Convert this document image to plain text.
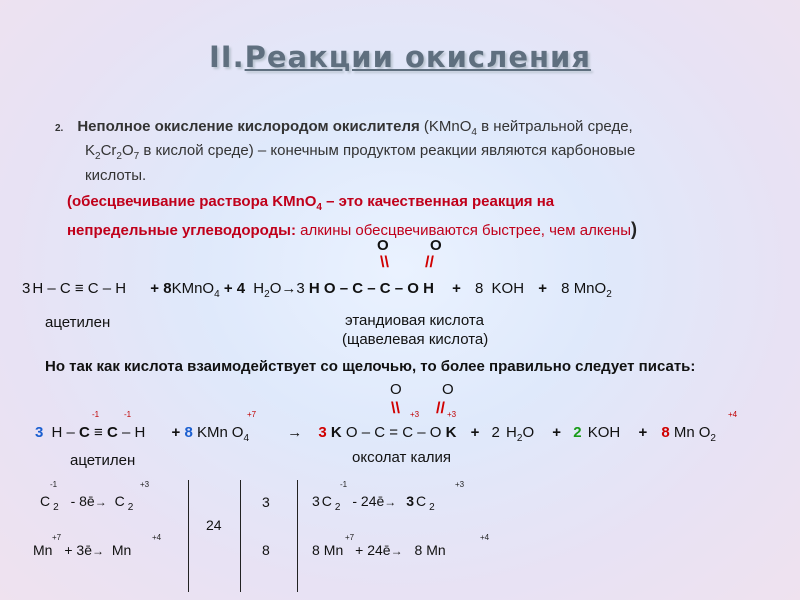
II.Реакции окисления
2. Неполное окисление кислородом окислителя (KMnO$_4$ в нейтральной среде,
$K_2Cr_2O_7$ в кислой среде) – конечным продуктом реакции являются карбоновые
кислоты.
(обесцвечивание раствора KMnO$_4$ – это качественная реакция на
непредельные углеводороды: алкины обесцвечиваются быстрее, чем алкены)
O	O
\\ //
3 H – C ≡ C – H + 8KMnO$_4$ + 4 $H_2O\to 3$ H O – C – C – O H + 8 KOH + 8 MnO$_2$
ацетилен	этандиовая кислота
(щавелевая кислота)
Но так как кислота взаимодействует со щелочью, то более правильно следует писать:
O	O
\\ //
-1	-1	+7	+3	+3	+4
3 H – C ≡ C – H + 8 KMn $O_4$	→ 3 K O – C = C – O K + 2 $H_2O + 2$ KOH + 8 Mn $O_2$
ацетилен	оксолат калия
-1
C $_2$ - 8ē→ C $_2$
+3
+7
Mn + 3ē→ Mn
+4
24
3
8
-1
3 C $_2$ - 24ē→ 3 C $_2$
+3
+7
8 Mn + 24ē→ 8 Mn
+4
